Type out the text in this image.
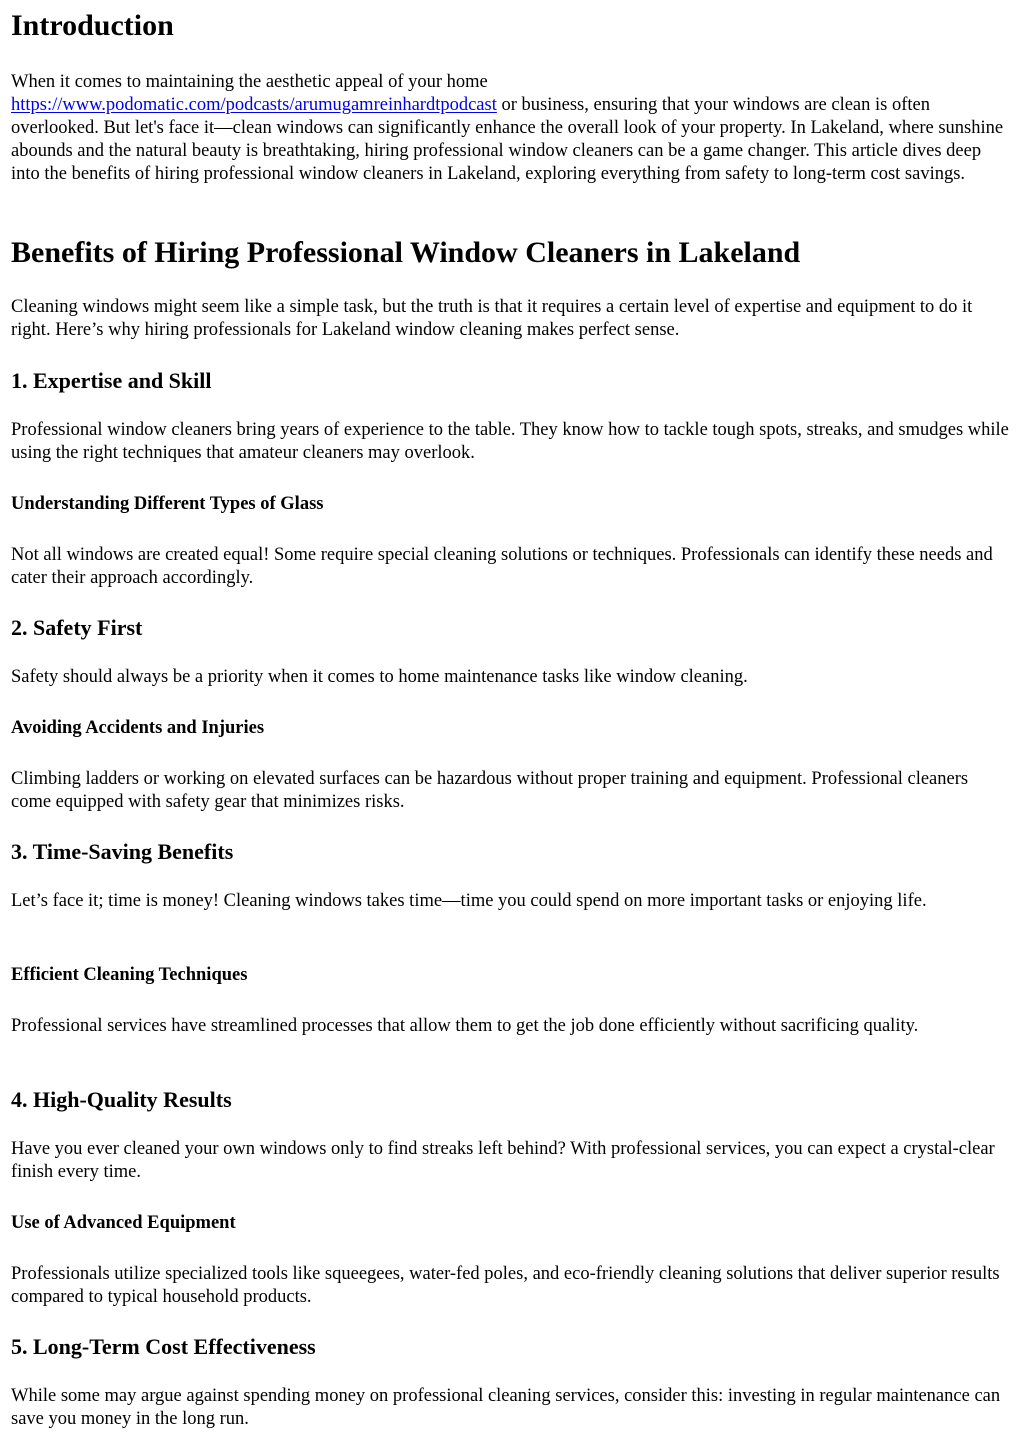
Introduction

When it comes to maintaining the aesthetic appeal of your home
https://www.podomatic.com/podcasts/arumugamreinhardtpodcast or business, ensuring that your windows are clean is often overlooked. But let's face it—clean windows can significantly enhance the overall look of your property. In Lakeland, where sunshine abounds and the natural beauty is breathtaking, hiring professional window cleaners can be a game changer. This article dives deep into the benefits of hiring professional window cleaners in Lakeland, exploring everything from safety to long-term cost savings.

Benefits of Hiring Professional Window Cleaners in Lakeland

Cleaning windows might seem like a simple task, but the truth is that it requires a certain level of expertise and equipment to do it right. Here’s why hiring professionals for Lakeland window cleaning makes perfect sense.

1. Expertise and Skill

Professional window cleaners bring years of experience to the table. They know how to tackle tough spots, streaks, and smudges while using the right techniques that amateur cleaners may overlook.

Understanding Different Types of Glass

Not all windows are created equal! Some require special cleaning solutions or techniques. Professionals can identify these needs and cater their approach accordingly.

2. Safety First

Safety should always be a priority when it comes to home maintenance tasks like window cleaning.

Avoiding Accidents and Injuries

Climbing ladders or working on elevated surfaces can be hazardous without proper training and equipment. Professional cleaners come equipped with safety gear that minimizes risks.

3. Time-Saving Benefits

Let’s face it; time is money! Cleaning windows takes time—time you could spend on more important tasks or enjoying life.

Efficient Cleaning Techniques

Professional services have streamlined processes that allow them to get the job done efficiently without sacrificing quality.

4. High-Quality Results

Have you ever cleaned your own windows only to find streaks left behind? With professional services, you can expect a crystal-clear finish every time.

Use of Advanced Equipment

Professionals utilize specialized tools like squeegees, water-fed poles, and eco-friendly cleaning solutions that deliver superior results compared to typical household products.

5. Long-Term Cost Effectiveness

While some may argue against spending money on professional cleaning services, consider this: investing in regular maintenance can save you money in the long run.
